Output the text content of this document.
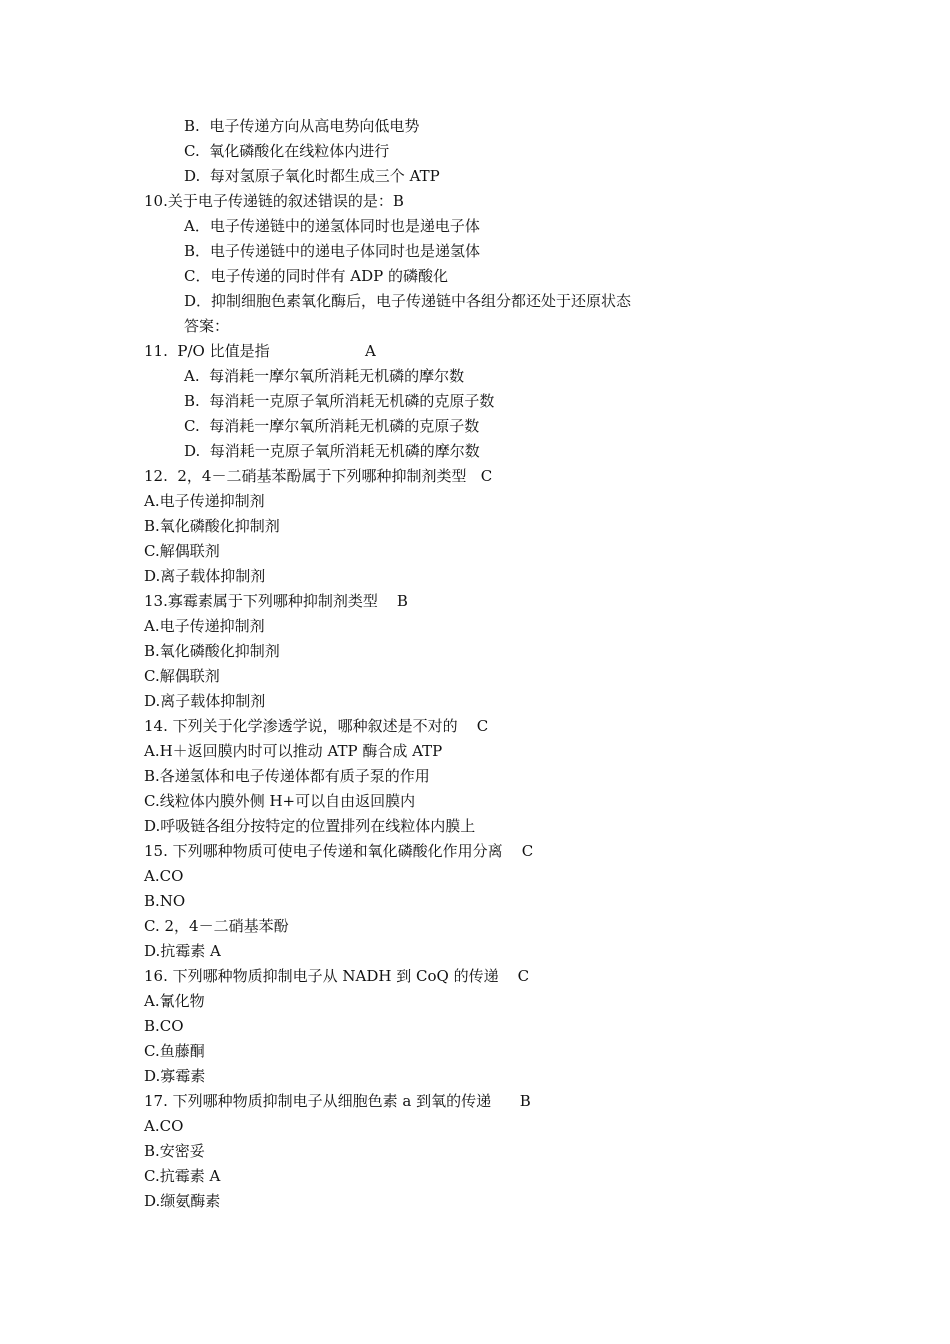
B.  电子传递方向从高电势向低电势
C.  氧化磷酸化在线粒体内进行
D.  每对氢原子氧化时都生成三个 ATP
10.关于电子传递链的叙述错误的是：B
A．电子传递链中的递氢体同时也是递电子体
B．电子传递链中的递电子体同时也是递氢体
C．电子传递的同时伴有 ADP 的磷酸化
D．抑制细胞色素氧化酶后，电子传递链中各组分都还处于还原状态
答案：
11.  P/O 比值是指                    A
A.  每消耗一摩尔氧所消耗无机磷的摩尔数
B.  每消耗一克原子氧所消耗无机磷的克原子数
C.  每消耗一摩尔氧所消耗无机磷的克原子数
D.  每消耗一克原子氧所消耗无机磷的摩尔数
12.  2，4－二硝基苯酚属于下列哪种抑制剂类型   C
A.电子传递抑制剂
B.氧化磷酸化抑制剂
C.解偶联剂
D.离子载体抑制剂
13.寡霉素属于下列哪种抑制剂类型    B
A.电子传递抑制剂
B.氧化磷酸化抑制剂
C.解偶联剂
D.离子载体抑制剂
14. 下列关于化学渗透学说，哪种叙述是不对的    C
A.H＋返回膜内时可以推动 ATP 酶合成 ATP
B.各递氢体和电子传递体都有质子泵的作用
C.线粒体内膜外侧 H+可以自由返回膜内
D.呼吸链各组分按特定的位置排列在线粒体内膜上
15. 下列哪种物质可使电子传递和氧化磷酸化作用分离    C
A.CO
B.NO
C. 2，4－二硝基苯酚
D.抗霉素 A
16. 下列哪种物质抑制电子从 NADH 到 CoQ 的传递    C
A.氰化物
B.CO
C.鱼藤酮
D.寡霉素
17. 下列哪种物质抑制电子从细胞色素 a 到氧的传递      B
A.CO
B.安密妥
C.抗霉素 A
D.缬氨酶素
